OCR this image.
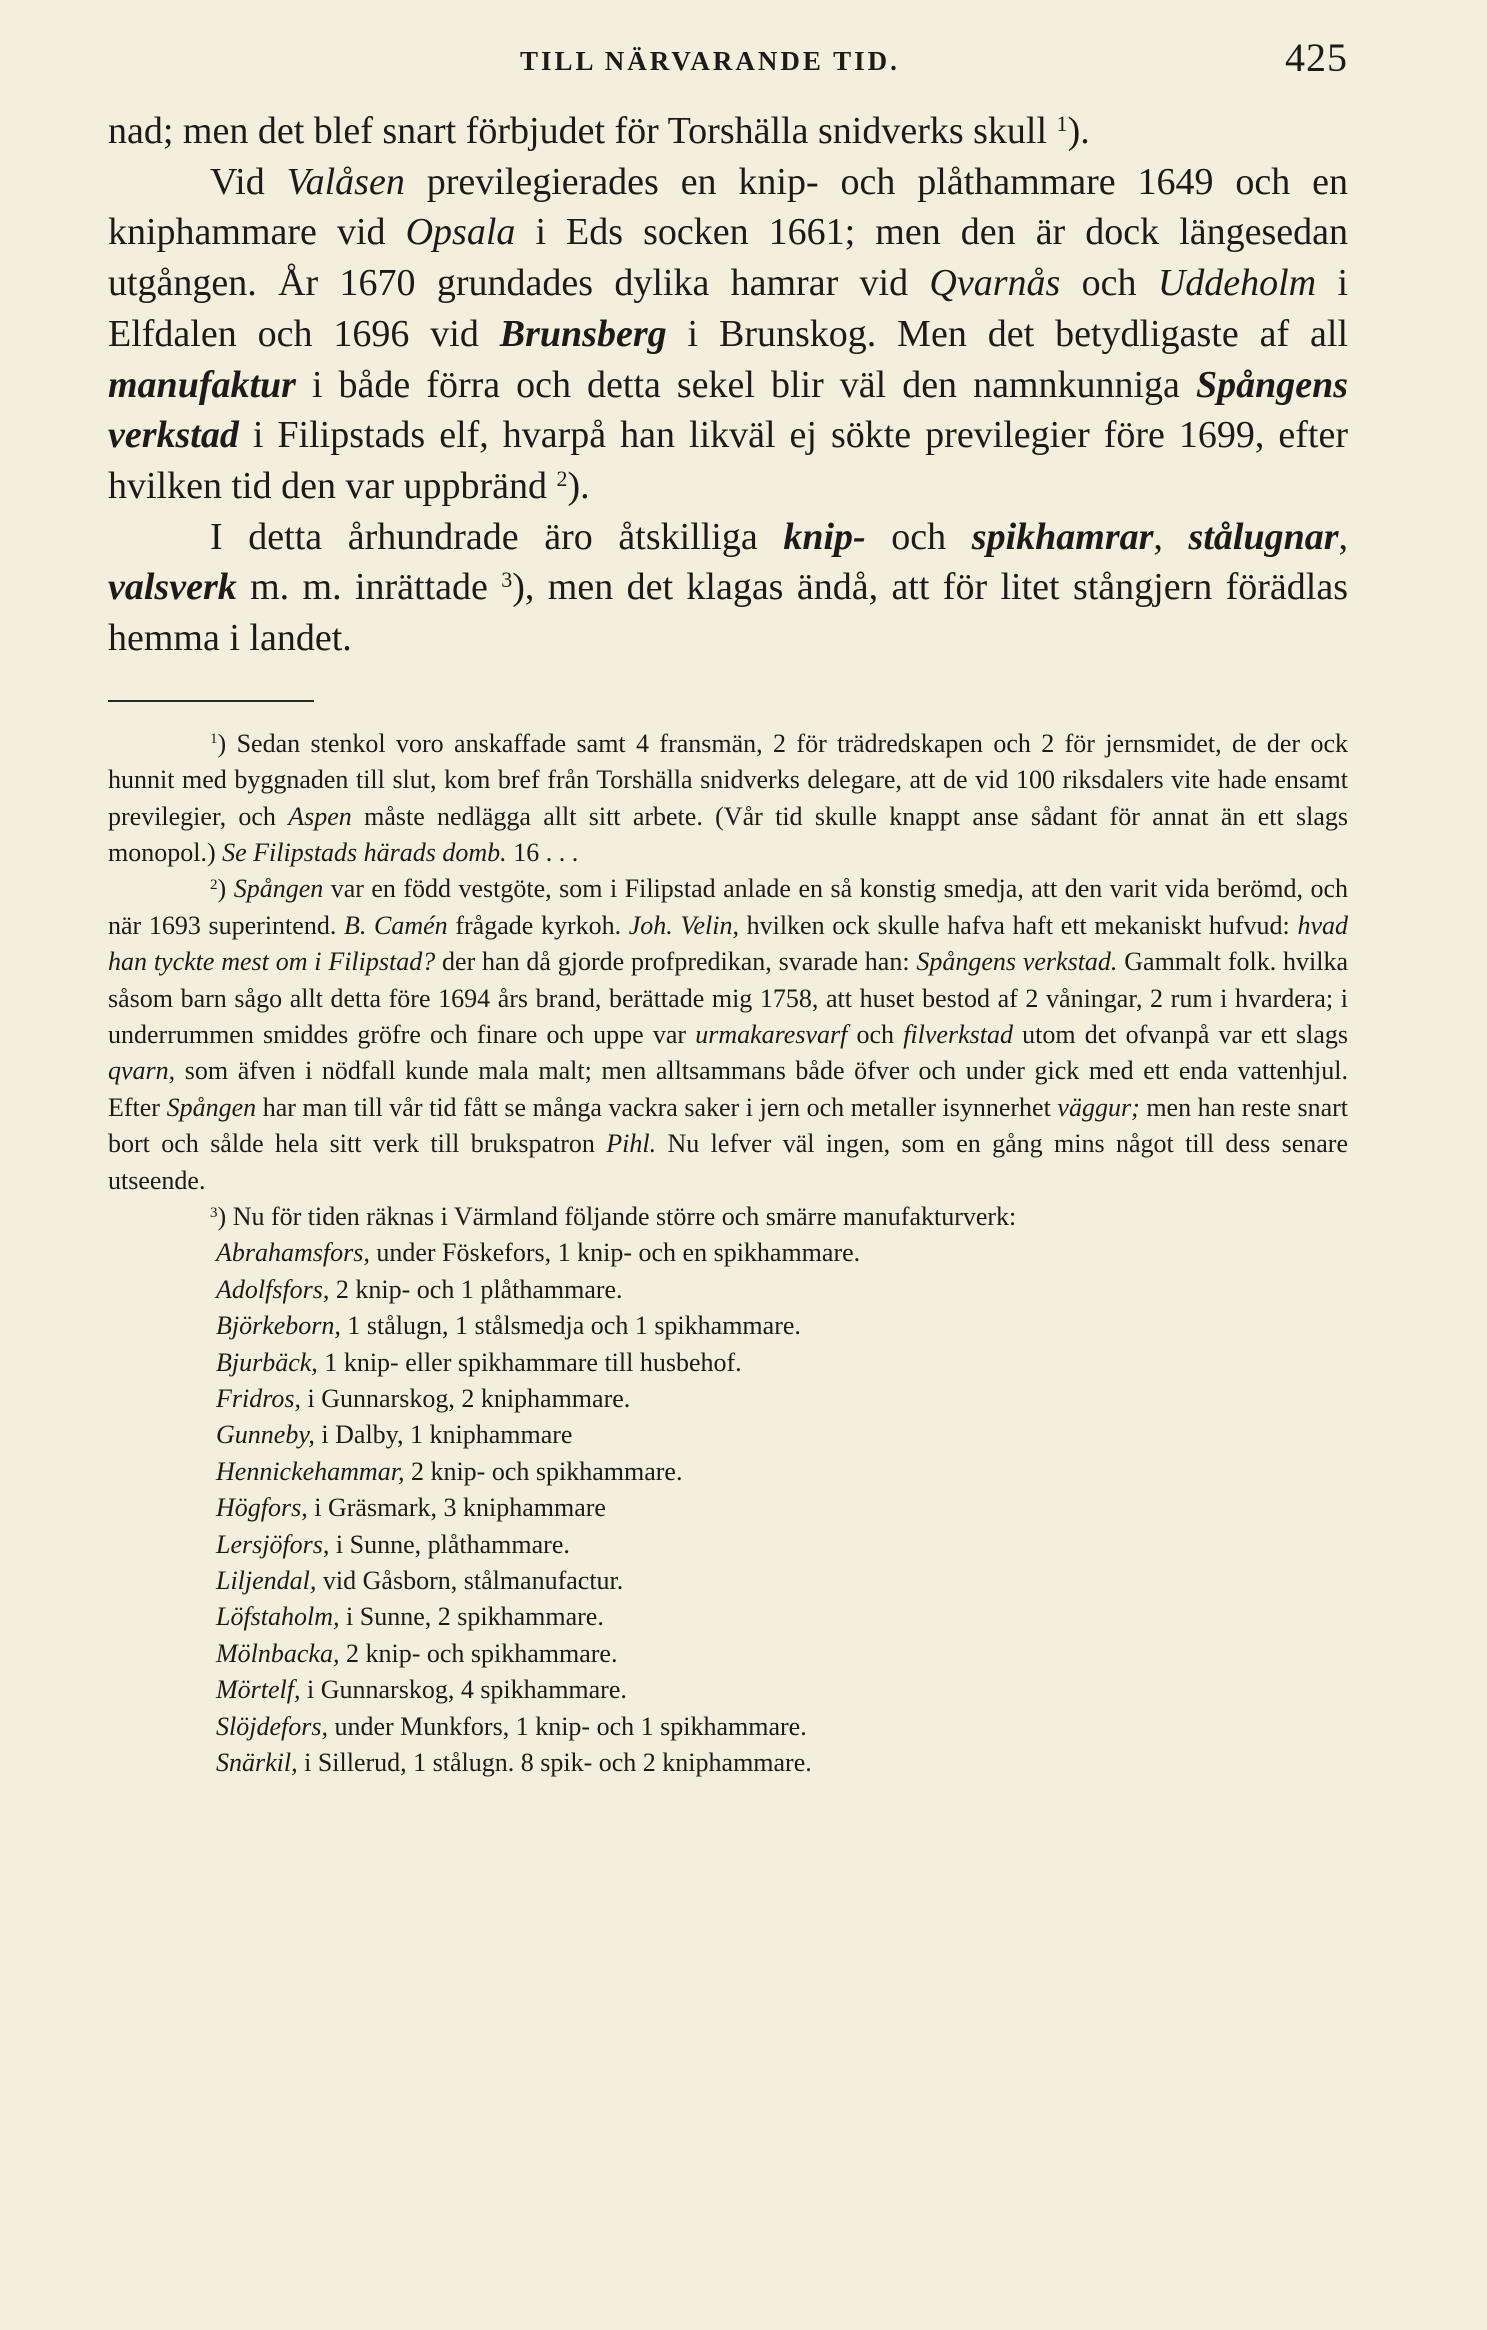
TILL NÄRVARANDE TID.	425

nad; men det blef snart förbjudet för Torshälla snidverks skull $^1$).

Vid Valåsen previlegierades en knip- och plåthammare 1649 och en kniphammare vid Opsala i Eds socken 1661; men den är dock längesedan utgången. År 1670 grundades dylika hamrar vid Qvarnås och Uddeholm i Elfdalen och 1696 vid Brunsberg i Brunskog. Men det betydligaste af all manufaktur i både förra och detta sekel blir väl den namnkunniga Spångens verkstad i Filipstads elf, hvarpå han likväl ej sökte previlegier före 1699, efter hvilken tid den var uppbränd $^2$).

I detta århundrade äro åtskilliga knip- och spikhamrar, stålugnar, valsverk m. m. inrättade $^3$), men det klagas ändå, att för litet stångjern förädlas hemma i landet.

$^1$) Sedan stenkol voro anskaffade samt 4 fransmän, 2 för trädredskapen och 2 för jernsmidet, de der ock hunnit med byggnaden till slut, kom bref från Torshälla snidverks delegare, att de vid 100 riksdalers vite hade ensamt previlegier, och Aspen måste nedlägga allt sitt arbete. (Vår tid skulle knappt anse sådant för annat än ett slags monopol.) Se Filipstads härads domb. 16 . . .

$^2$) Spången var en född vestgöte, som i Filipstad anlade en så konstig smedja, att den varit vida berömd, och när 1693 superintend. B. Camén frågade kyrkoh. Joh. Velin, hvilken ock skulle hafva haft ett mekaniskt hufvud: hvad han tyckte mest om i Filipstad? der han då gjorde profpredikan, svarade han: Spångens verkstad. Gammalt folk. hvilka såsom barn sågo allt detta före 1694 års brand, berättade mig 1758, att huset bestod af 2 våningar, 2 rum i hvardera; i underrummen smiddes gröfre och finare och uppe var urmakaresvarf och filverkstad utom det ofvanpå var ett slags qvarn, som äfven i nödfall kunde mala malt; men alltsammans både öfver och under gick med ett enda vattenhjul. Efter Spången har man till vår tid fått se många vackra saker i jern och metaller isynnerhet väggur; men han reste snart bort och sålde hela sitt verk till brukspatron Pihl. Nu lefver väl ingen, som en gång mins något till dess senare utseende.

$^3$) Nu för tiden räknas i Värmland följande större och smärre manufakturverk:

Abrahamsfors, under Föskefors, 1 knip- och en spikhammare.
Adolfsfors, 2 knip- och 1 plåthammare.
Björkeborn, 1 stålugn, 1 stålsmedja och 1 spikhammare.
Bjurbäck, 1 knip- eller spikhammare till husbehof.
Fridros, i Gunnarskog, 2 kniphammare.
Gunneby, i Dalby, 1 kniphammare
Hennickehammar, 2 knip- och spikhammare.
Högfors, i Gräsmark, 3 kniphammare
Lersjöfors, i Sunne, plåthammare.
Liljendal, vid Gåsborn, stålmanufactur.
Löfstaholm, i Sunne, 2 spikhammare.
Mölnbacka, 2 knip- och spikhammare.
Mörtelf, i Gunnarskog, 4 spikhammare.
Slöjdefors, under Munkfors, 1 knip- och 1 spikhammare.
Snärkil, i Sillerud, 1 stålugn. 8 spik- och 2 kniphammare.
